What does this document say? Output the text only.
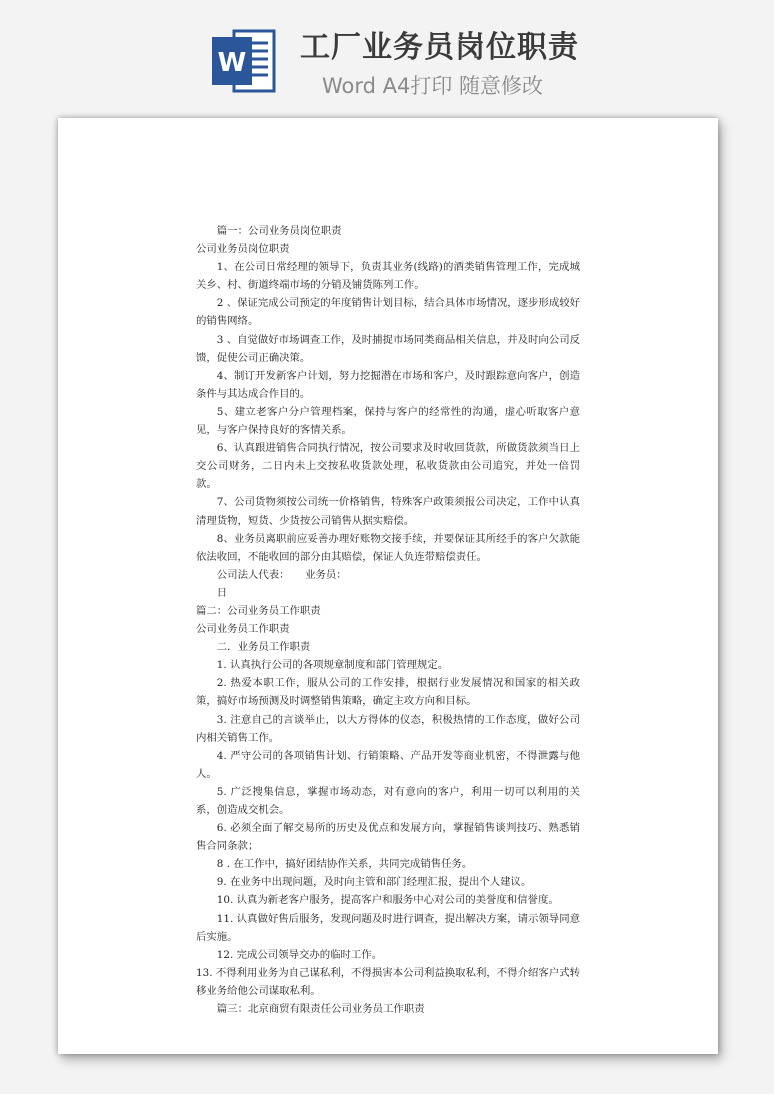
W 工厂业务员岗位职责
Word A4打印 随意修改

篇一：公司业务员岗位职责

公司业务员岗位职责

1、在公司日常经理的领导下，负责其业务(线路)的酒类销售管理工作，完成城关乡、村、街道终端市场的分销及铺货陈列工作。

2 、保证完成公司预定的年度销售计划目标，结合具体市场情况，逐步形成较好的销售网络。

3 、自觉做好市场调查工作，及时捕捉市场同类商品相关信息，并及时向公司反馈，促使公司正确决策。

4、制订开发新客户计划，努力挖掘潜在市场和客户，及时跟踪意向客户，创造条件与其达成合作目的。

5、建立老客户分户管理档案，保持与客户的经常性的沟通，虚心听取客户意见，与客户保持良好的客情关系。

6、认真跟进销售合同执行情况，按公司要求及时收回货款，所做货款须当日上交公司财务，二日内未上交按私收货款处理，私收货款由公司追究，并处一倍罚款。

7、公司货物须按公司统一价格销售，特殊客户政策须报公司决定，工作中认真清理货物，短货、少货按公司销售从据实赔偿。

8、业务员离职前应妥善办理好账物交接手续，并要保证其所经手的客户欠款能依法收回，不能收回的部分由其赔偿，保证人负连带赔偿责任。

公司法人代表：　　业务员：

日

篇二：公司业务员工作职责

公司业务员工作职责

二．业务员工作职责

1. 认真执行公司的各项规章制度和部门管理规定。

2. 热爱本职工作，服从公司的工作安排，根据行业发展情况和国家的相关政策，搞好市场预测及时调整销售策略，确定主攻方向和目标。

3. 注意自己的言谈举止，以大方得体的仪态，积极热情的工作态度，做好公司内相关销售工作。

4. 严守公司的各项销售计划、行销策略、产品开发等商业机密，不得泄露与他人。

5. 广泛搜集信息，掌握市场动态，对有意向的客户，利用一切可以利用的关系，创造成交机会。

6. 必须全面了解交易所的历史及优点和发展方向，掌握销售谈判技巧、熟悉销售合同条款；

8 . 在工作中，搞好团结协作关系，共同完成销售任务。

9. 在业务中出现问题，及时向主管和部门经理汇报，提出个人建议。

10. 认真为新老客户服务，提高客户和服务中心对公司的美誉度和信誉度。

11. 认真做好售后服务，发现问题及时进行调查，提出解决方案，请示领导同意后实施。

12. 完成公司领导交办的临时工作。

13. 不得利用业务为自己谋私利，不得损害本公司利益换取私利，不得介绍客户式转移业务给他公司谋取私利。

篇三：北京商贸有限责任公司业务员工作职责
